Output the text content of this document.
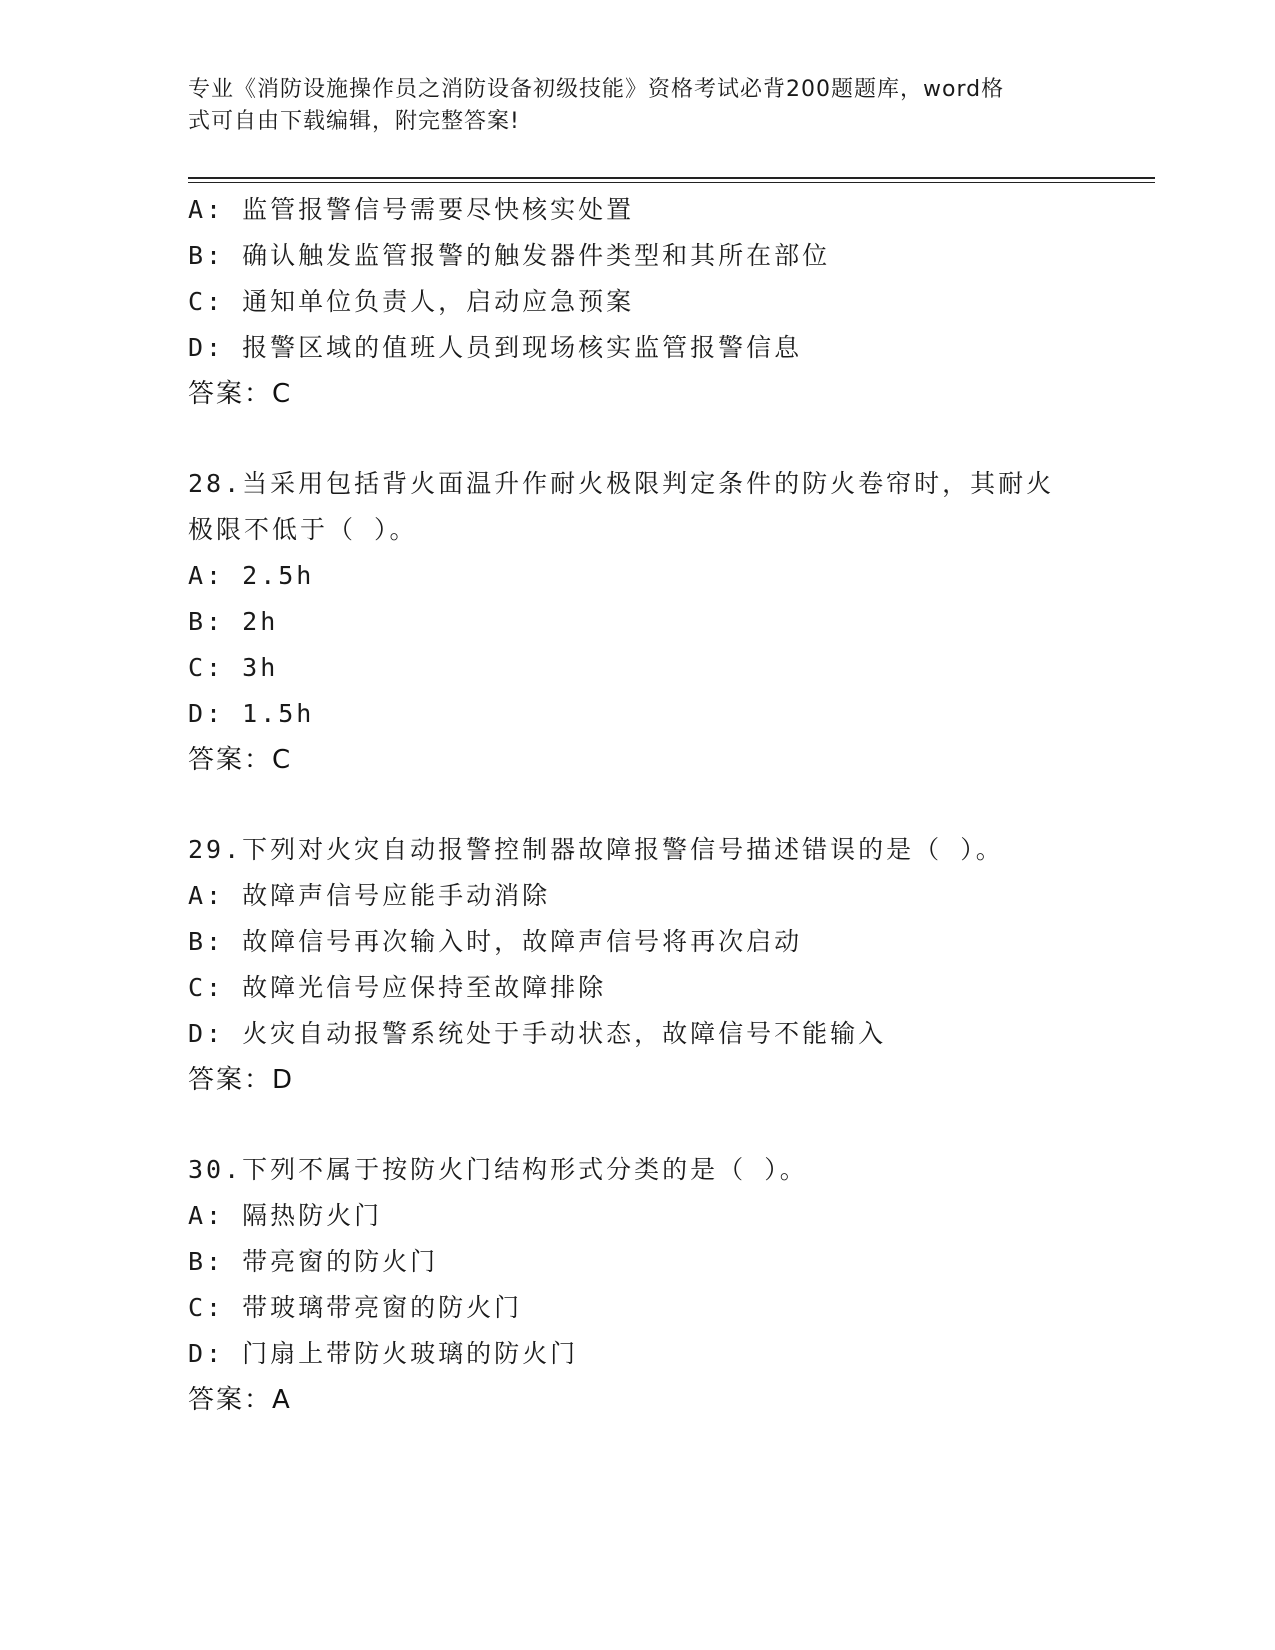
专业《消防设施操作员之消防设备初级技能》资格考试必背200题题库，word格
式可自由下载编辑，附完整答案!
A: 监管报警信号需要尽快核实处置
B: 确认触发监管报警的触发器件类型和其所在部位
C: 通知单位负责人，启动应急预案
D: 报警区域的值班人员到现场核实监管报警信息
答案：C
28.当采用包括背火面温升作耐火极限判定条件的防火卷帘时，其耐火极限不低于（ ）。
A: 2.5h
B: 2h
C: 3h
D: 1.5h
答案：C
29.下列对火灾自动报警控制器故障报警信号描述错误的是（ ）。
A: 故障声信号应能手动消除
B: 故障信号再次输入时，故障声信号将再次启动
C: 故障光信号应保持至故障排除
D: 火灾自动报警系统处于手动状态，故障信号不能输入
答案：D
30.下列不属于按防火门结构形式分类的是（ ）。
A: 隔热防火门
B: 带亮窗的防火门
C: 带玻璃带亮窗的防火门
D: 门扇上带防火玻璃的防火门
答案：A
